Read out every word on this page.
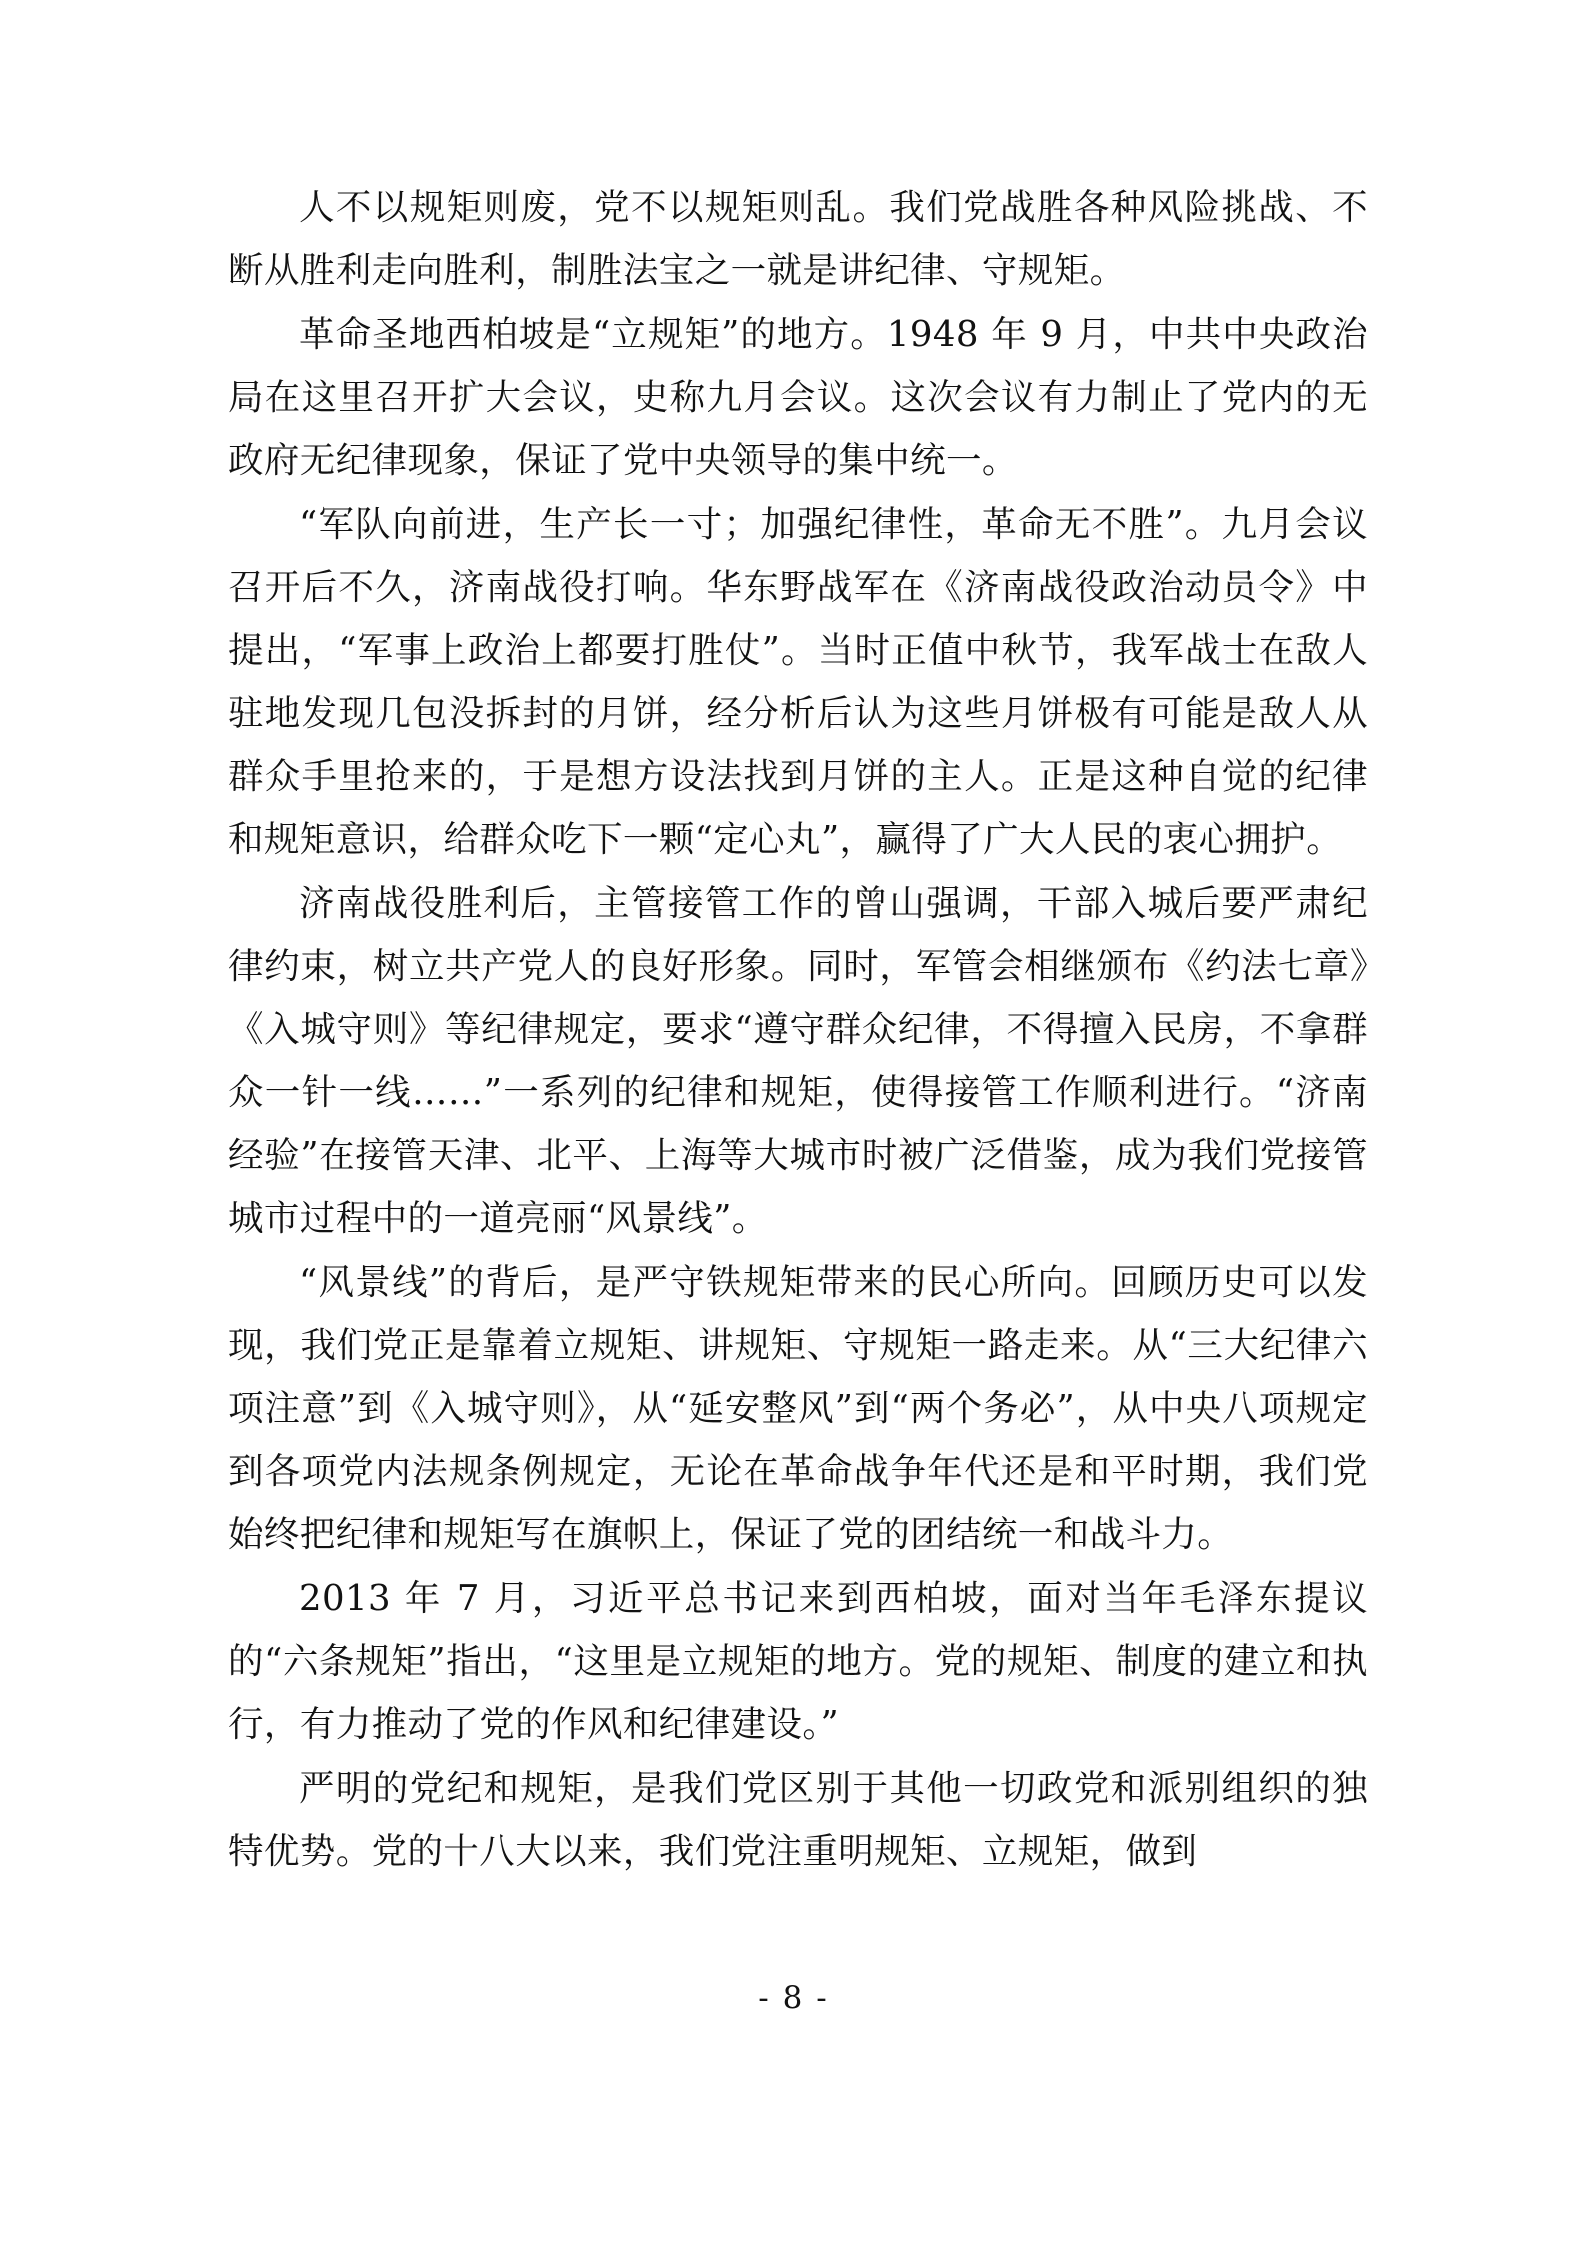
人不以规矩则废，党不以规矩则乱。我们党战胜各种风险挑战、不断从胜利走向胜利，制胜法宝之一就是讲纪律、守规矩。

革命圣地西柏坡是“立规矩”的地方。1948 年 9 月，中共中央政治局在这里召开扩大会议，史称九月会议。这次会议有力制止了党内的无政府无纪律现象，保证了党中央领导的集中统一。

“军队向前进，生产长一寸；加强纪律性，革命无不胜”。九月会议召开后不久，济南战役打响。华东野战军在《济南战役政治动员令》中提出，“军事上政治上都要打胜仗”。当时正值中秋节，我军战士在敌人驻地发现几包没拆封的月饼，经分析后认为这些月饼极有可能是敌人从群众手里抢来的，于是想方设法找到月饼的主人。正是这种自觉的纪律和规矩意识，给群众吃下一颗“定心丸”，赢得了广大人民的衷心拥护。

济南战役胜利后，主管接管工作的曾山强调，干部入城后要严肃纪律约束，树立共产党人的良好形象。同时，军管会相继颁布《约法七章》《入城守则》等纪律规定，要求“遵守群众纪律，不得擅入民房，不拿群众一针一线……”一系列的纪律和规矩，使得接管工作顺利进行。“济南经验”在接管天津、北平、上海等大城市时被广泛借鉴，成为我们党接管城市过程中的一道亮丽“风景线”。

“风景线”的背后，是严守铁规矩带来的民心所向。回顾历史可以发现，我们党正是靠着立规矩、讲规矩、守规矩一路走来。从“三大纪律六项注意”到《入城守则》，从“延安整风”到“两个务必”，从中央八项规定到各项党内法规条例规定，无论在革命战争年代还是和平时期，我们党始终把纪律和规矩写在旗帜上，保证了党的团结统一和战斗力。

2013 年 7 月，习近平总书记来到西柏坡，面对当年毛泽东提议的“六条规矩”指出，“这里是立规矩的地方。党的规矩、制度的建立和执行，有力推动了党的作风和纪律建设。”

严明的党纪和规矩，是我们党区别于其他一切政党和派别组织的独特优势。党的十八大以来，我们党注重明规矩、立规矩，做到

- 8 -
